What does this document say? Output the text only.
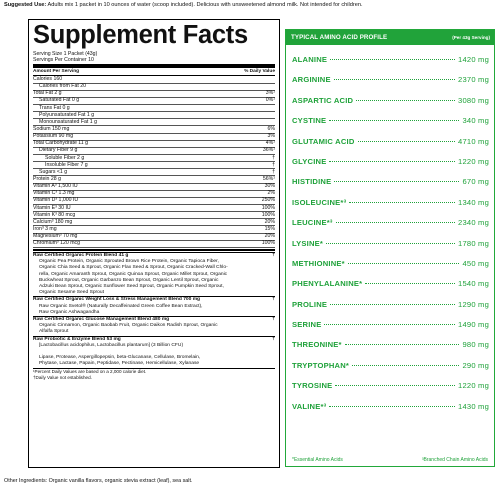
Suggested Use: Adults mix 1 packet in 10 ounces of water (scoop included). Delicious with unsweetened almond milk. Not intended for children.
Supplement Facts
Serving Size 1 Packet (43g)
Servings Per Container 10
Amount Per Serving	% Daily Value
Calories 160
Calories from Fat 20
Total Fat 2 g	3%¹
Saturated Fat 0 g	0%¹
Trans Fat 0 g
Polyunsaturated Fat 1 g
Monounsaturated Fat 1 g
Sodium 150 mg	6%
Potassium 90 mg	3%
Total Carbohydrate 11 g	4%¹
Dietary Fiber 9 g	36%¹
Soluble Fiber 2 g	†
Insoluble Fiber 7 g	†
Sugars <1 g	†
Protein 28 g	56%¹
Vitamin A³ 1,500 IU	30%
Vitamin C³ 1.3 mg	2%
Vitamin D³ 1,000 IU	250%
Vitamin E³ 30 IU	100%
Vitamin K³ 80 mcg	100%
Calcium³ 180 mg	20%
Iron³ 3 mg	15%
Magnesium³ 70 mg	20%
Chromium³ 120 mcg	100%
Raw Certified Organic Protein Blend 41 g	†
Organic Pea Protein, Organic Sprouted Brown Rice Protein, Organic Tapioca Fiber,
Organic Chia Seed & Sprout, Organic Flax Seed & Sprout, Organic Cracked-Wall Chlo-
rella, Organic Amaranth Sprout, Organic Quinoa Sprout, Organic Millet Sprout, Organic
Buckwheat Sprout, Organic Garbanzo Bean Sprout, Organic Lentil Sprout, Organic
Adzuki Bean Sprout, Organic Sunflower Seed Sprout, Organic Pumpkin Seed Sprout,
Organic Sesame Seed Sprout
Raw Certified Organic Weight Loss & Stress Management Blend 700 mg	†
Raw Organic Svetol® (Naturally Decaffeinated Green Coffee Bean Extract),
Raw Organic Ashwagandha
Raw Certified Organic Glucose Management Blend 480 mg	†
Organic Cinnamon, Organic Baobab Fruit, Organic Daikon Radish Sprout, Organic
Alfalfa Sprout
Raw Probiotic & Enzyme Blend 53 mg	†
[Lactobacillus acidophilus, Lactobacillus plantarum] (3 Billion CFU)

Lipase, Protease, Aspergillopepsin, beta-Glucanase, Cellulase, Bromelain,
Phytase, Lactase, Papain, Peptidase, Pectinase, Hemicellulase, Xylanase
¹Percent Daily Values are based on a 2,000 calorie diet.
†Daily Value not established.
Other Ingredients: Organic vanilla flavors, organic stevia extract (leaf), sea salt.
TYPICAL AMINO ACID PROFILE	(Per 43g Serving)
ALANINE	1420 mg
ARGININE	2370 mg
ASPARTIC ACID	3080 mg
CYSTINE	340 mg
GLUTAMIC ACID	4710 mg
GLYCINE	1220 mg
HISTIDINE	670 mg
ISOLEUCINE*³	1340 mg
LEUCINE*³	2340 mg
LYSINE*	1780 mg
METHIONINE*	450 mg
PHENYLALANINE*	1540 mg
PROLINE	1290 mg
SERINE	1490 mg
THREONINE*	980 mg
TRYPTOPHAN*	290 mg
TYROSINE	1220 mg
VALINE*³	1430 mg
*Essential Amino Acids	³Branched Chain Amino Acids
